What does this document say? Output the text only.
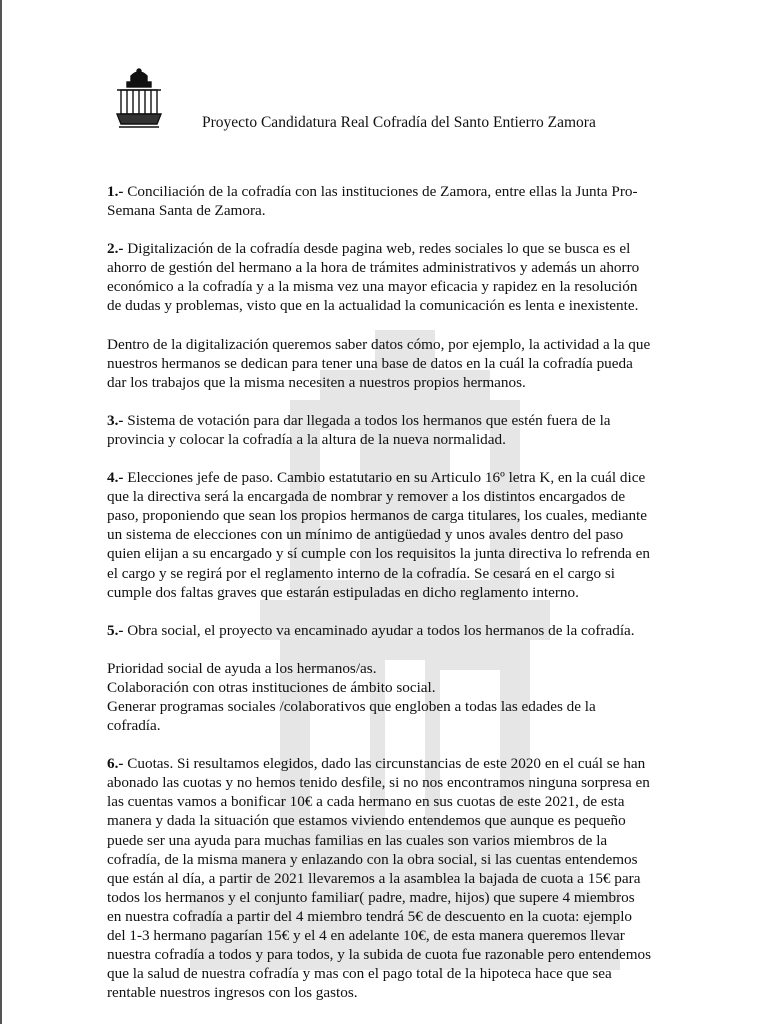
Proyecto Candidatura Real Cofradía del Santo Entierro Zamora

1.- Conciliación de la cofradía con las instituciones de Zamora, entre ellas la Junta Pro-Semana Santa de Zamora.

2.- Digitalización de la cofradía desde pagina web, redes sociales lo que se busca es el ahorro de gestión del hermano a la hora de trámites administrativos y además un ahorro económico a la cofradía y a la misma vez una mayor eficacia y rapidez en la resolución de dudas y problemas, visto que en la actualidad la comunicación es lenta e inexistente.

Dentro de la digitalización queremos saber datos cómo, por ejemplo, la actividad a la que nuestros hermanos se dedican para tener una base de datos en la cuál la cofradía pueda dar los trabajos que la misma necesiten a nuestros propios hermanos.

3.- Sistema de votación para dar llegada a todos los hermanos que estén fuera de la provincia y colocar la cofradía a la altura de la nueva normalidad.

4.- Elecciones jefe de paso. Cambio estatutario en su Articulo 16º letra K, en la cuál dice que la directiva será la encargada de nombrar y remover a los distintos encargados de paso, proponiendo que sean los propios hermanos de carga titulares, los cuales, mediante un sistema de elecciones con un mínimo de antigüedad y unos avales dentro del paso quien elijan a su encargado y sí cumple con los requisitos la junta directiva lo refrenda en el cargo y se regirá por el reglamento interno de la cofradía. Se cesará en el cargo si cumple dos faltas graves que estarán estipuladas en dicho reglamento interno.

5.- Obra social, el proyecto va encaminado ayudar a todos los hermanos de la cofradía.

Prioridad social de ayuda a los hermanos/as.

Colaboración con otras instituciones de ámbito social.

Generar programas sociales /colaborativos que engloben a todas las edades de la cofradía.

6.- Cuotas. Si resultamos elegidos, dado las circunstancias de este 2020 en el cuál se han abonado las cuotas y no hemos tenido desfile, si no nos encontramos ninguna sorpresa en las cuentas vamos a bonificar 10€ a cada hermano en sus cuotas de este 2021, de esta manera y dada la situación que estamos viviendo entendemos que aunque es pequeño puede ser una ayuda para muchas familias en las cuales son varios miembros de la cofradía, de la misma manera y enlazando con la obra social, si las cuentas entendemos que están al día, a partir de 2021 llevaremos a la asamblea la bajada de cuota a 15€ para todos los hermanos y el conjunto familiar( padre, madre, hijos) que supere 4 miembros en nuestra cofradía a partir del 4 miembro tendrá 5€ de descuento en la cuota: ejemplo del 1-3 hermano pagarían 15€ y el 4 en adelante 10€, de esta manera queremos llevar nuestra cofradía a todos y para todos, y la subida de cuota fue razonable pero entendemos que la salud de nuestra cofradía y mas con el pago total de la hipoteca hace que sea rentable nuestros ingresos con los gastos.
